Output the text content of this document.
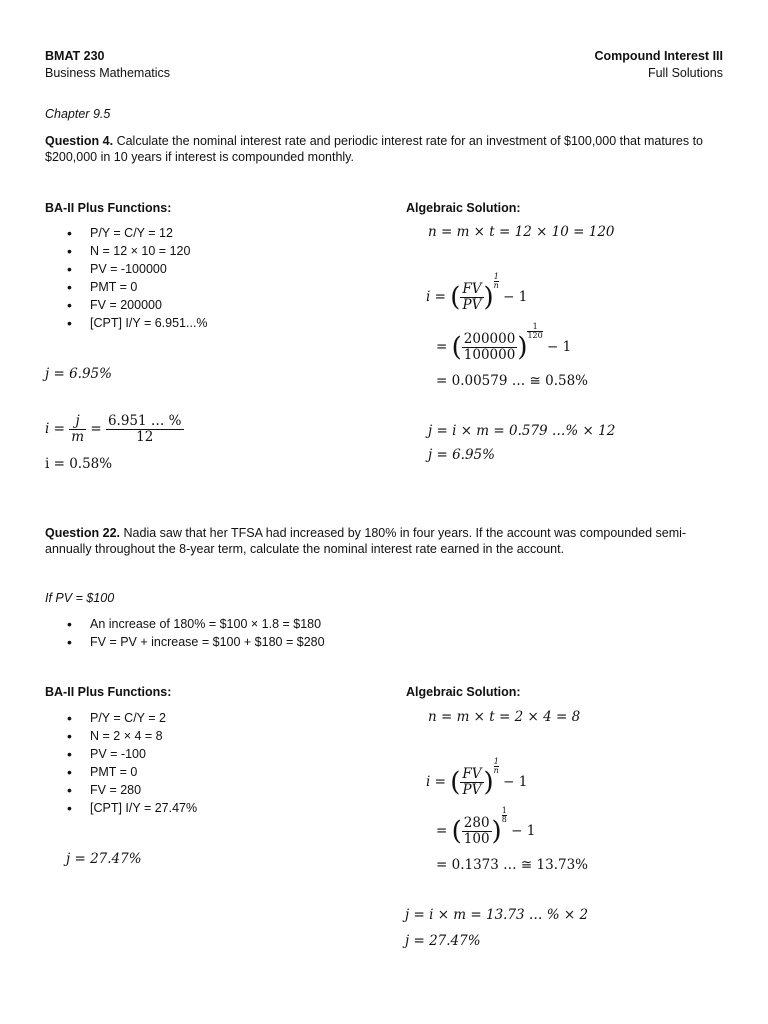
BMAT 230
Business Mathematics
Compound Interest III
Full Solutions
Chapter 9.5
Question 4. Calculate the nominal interest rate and periodic interest rate for an investment of $100,000 that matures to $200,000 in 10 years if interest is compounded monthly.
BA-II Plus Functions:
• P/Y = C/Y = 12
• N = 12 × 10 = 120
• PV = -100000
• PMT = 0
• FV = 200000
• [CPT] I/Y = 6.951...%
j = 6.95%
$i = \frac{j}{m} = \frac{6.951 \dots \%}{12}$
i = 0.58%
Algebraic Solution:
n = m × t = 12 × 10 = 120
i = ( $\frac{FV}{PV}$ )
$\frac{1}{n}$
− 1
= ( $\frac{200000}{100000}$ )
$\frac{1}{120}$
− 1
= 0.00579 … ≅ 0.58%
j = i × m = 0.579 …% × 12
j = 6.95%
Question 22. Nadia saw that her TFSA had increased by 180% in four years. If the account was compounded semi-annually throughout the 8-year term, calculate the nominal interest rate earned in the account.
If PV = $100
• An increase of 180% = $100 × 1.8 = $180
• FV = PV + increase = $100 + $180 = $280
BA-II Plus Functions:
• P/Y = C/Y = 2
• N = 2 × 4 = 8
• PV = -100
• PMT = 0
• FV = 280
• [CPT] I/Y = 27.47%
j = 27.47%
Algebraic Solution:
n = m × t = 2 × 4 = 8
i = ( $\frac{FV}{PV}$ )
$\frac{1}{n}$
− 1
= ( $\frac{280}{100}$ )
$\frac{1}{8}$
− 1
= 0.1373 … ≅ 13.73%
j = i × m = 13.73 … % × 2
j = 27.47%
